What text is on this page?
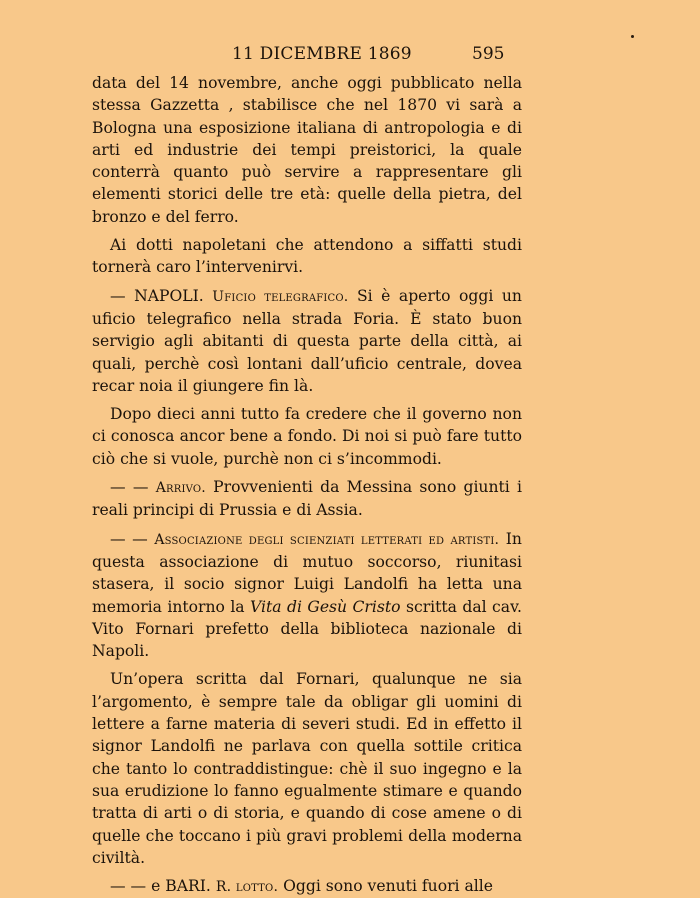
11 DICEMBRE 1869	595

data del 14 novembre, anche oggi pubblicato nella stessa Gazzetta , stabilisce che nel 1870 vi sarà a Bologna una esposizione italiana di antropologia e di arti ed industrie dei tempi preistorici, la quale conterrà quanto può servire a rappresentare gli elementi storici delle tre età: quelle della pietra, del bronzo e del ferro.

Ai dotti napoletani che attendono a siffatti studi tornerà caro l’intervenirvi.

— NAPOLI. Uficio telegrafico. Si è aperto oggi un uficio telegrafico nella strada Foria. È stato buon servigio agli abitanti di questa parte della città, ai quali, perchè così lontani dall’uficio centrale, dovea recar noia il giungere fin là.

Dopo dieci anni tutto fa credere che il governo non ci conosca ancor bene a fondo. Di noi si può fare tutto ciò che si vuole, purchè non ci s’incommodi.

— — Arrivo. Provvenienti da Messina sono giunti i reali principi di Prussia e di Assia.

— — Associazione degli scienziati letterati ed artisti. In questa associazione di mutuo soccorso, riunitasi stasera, il socio signor Luigi Landolfi ha letta una memoria intorno la Vita di Gesù Cristo scritta dal cav. Vito Fornari prefetto della biblioteca nazionale di Napoli.

Un’opera scritta dal Fornari, qualunque ne sia l’argomento, è sempre tale da obligar gli uomini di lettere a farne materia di severi studi. Ed in effetto il signor Landolfi ne parlava con quella sottile critica che tanto lo contraddistingue: chè il suo ingegno e la sua erudizione lo fanno egualmente stimare e quando tratta di arti o di storia, e quando di cose amene o di quelle che toccano i più gravi problemi della moderna civiltà.

— — e BARI. R. lotto. Oggi sono venuti fuori alle
